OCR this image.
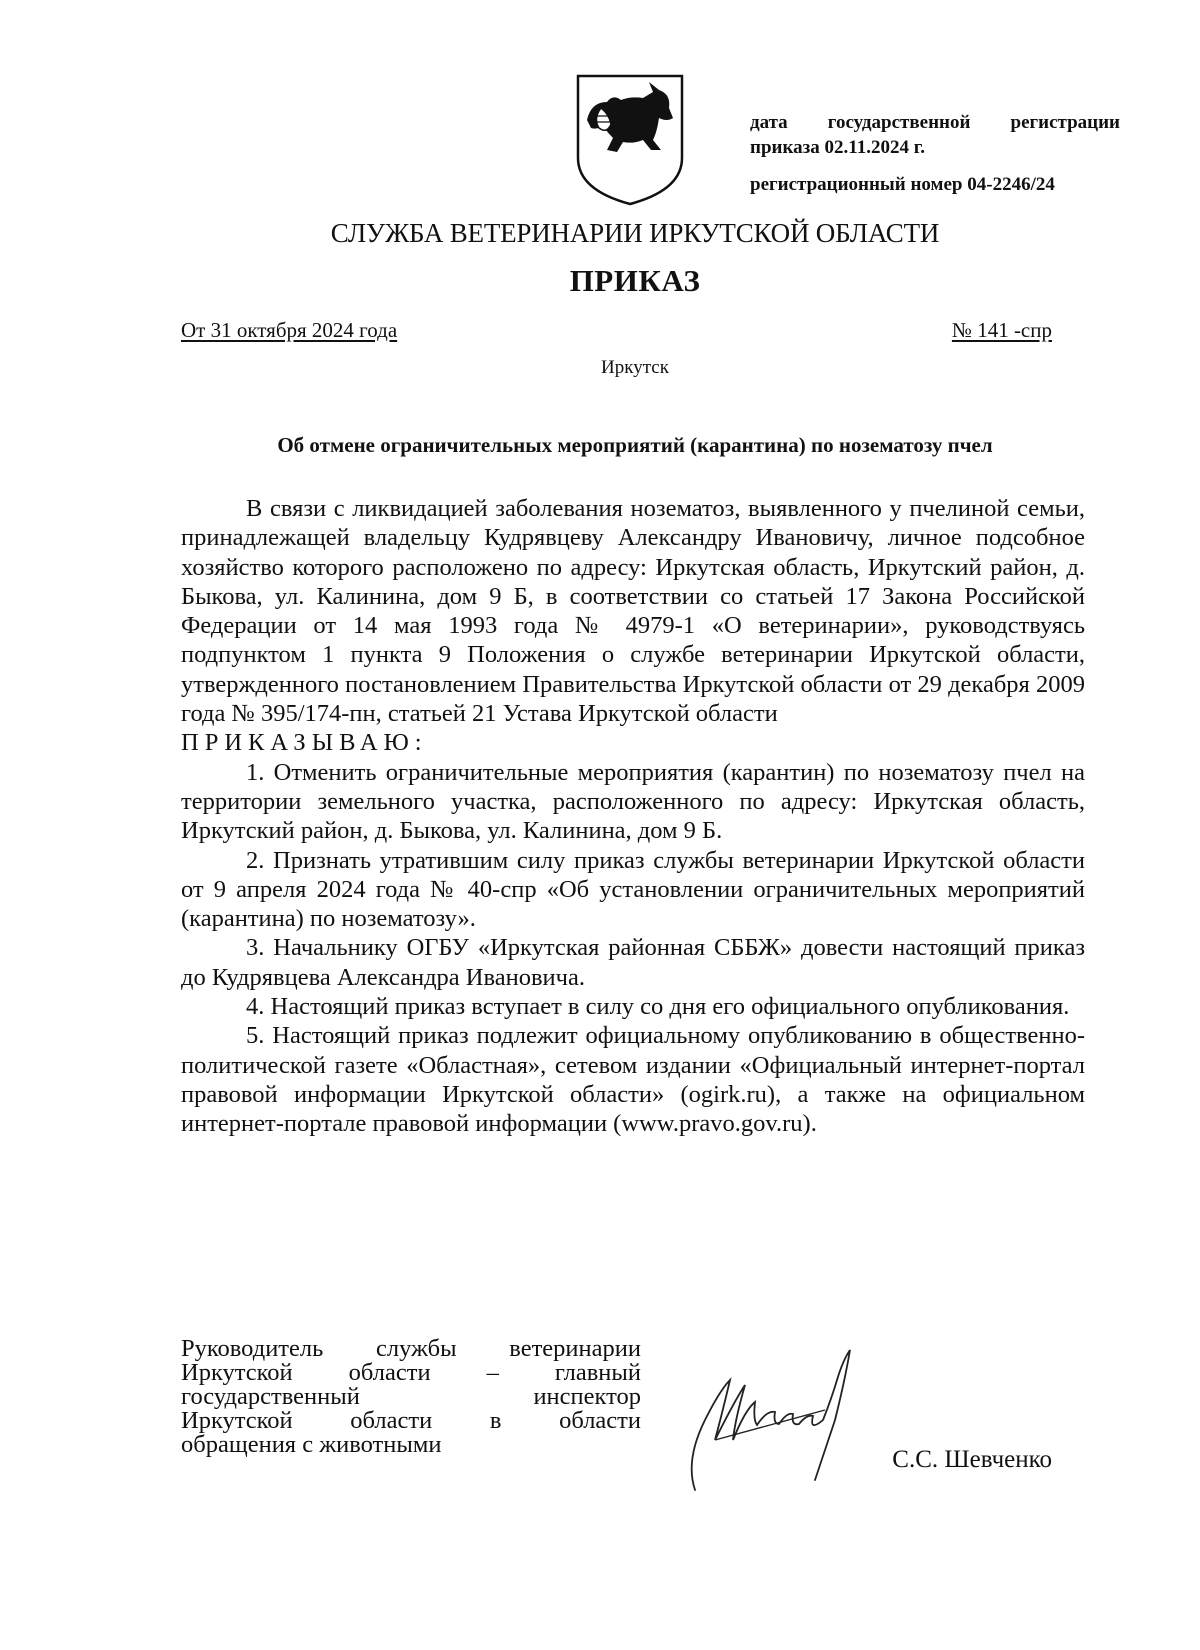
дата государственной регистрации приказа 02.11.2024 г.
регистрационный номер 04-2246/24
СЛУЖБА ВЕТЕРИНАРИИ ИРКУТСКОЙ ОБЛАСТИ
ПРИКАЗ
От 31 октября 2024 года	№ 141 -спр
Иркутск
Об отмене ограничительных мероприятий (карантина) по нозематозу пчел

В связи с ликвидацией заболевания нозематоз, выявленного у пчелиной семьи, принадлежащей владельцу Кудрявцеву Александру Ивановичу, личное подсобное хозяйство которого расположено по адресу: Иркутская область, Иркутский район, д. Быкова, ул. Калинина, дом 9 Б, в соответствии со статьей 17 Закона Российской Федерации от 14 мая 1993 года № 4979-1 «О ветеринарии», руководствуясь подпунктом 1 пункта 9 Положения о службе ветеринарии Иркутской области, утвержденного постановлением Правительства Иркутской области от 29 декабря 2009 года № 395/174-пн, статьей 21 Устава Иркутской области

ПРИКАЗЫВАЮ:

1. Отменить ограничительные мероприятия (карантин) по нозематозу пчел на территории земельного участка, расположенного по адресу: Иркутская область, Иркутский район, д. Быкова, ул. Калинина, дом 9 Б.

2. Признать утратившим силу приказ службы ветеринарии Иркутской области от 9 апреля 2024 года № 40-спр «Об установлении ограничительных мероприятий (карантина) по нозематозу».

3. Начальнику ОГБУ «Иркутская районная СББЖ» довести настоящий приказ до Кудрявцева Александра Ивановича.

4. Настоящий приказ вступает в силу со дня его официального опубликования.

5. Настоящий приказ подлежит официальному опубликованию в общественно-политической газете «Областная», сетевом издании «Официальный интернет-портал правовой информации Иркутской области» (ogirk.ru), а также на официальном интернет-портале правовой информации (www.pravo.gov.ru).

Руководитель службы ветеринарии
Иркутской области – главный
государственный инспектор
Иркутской области в области
обращения с животными
С.С. Шевченко
